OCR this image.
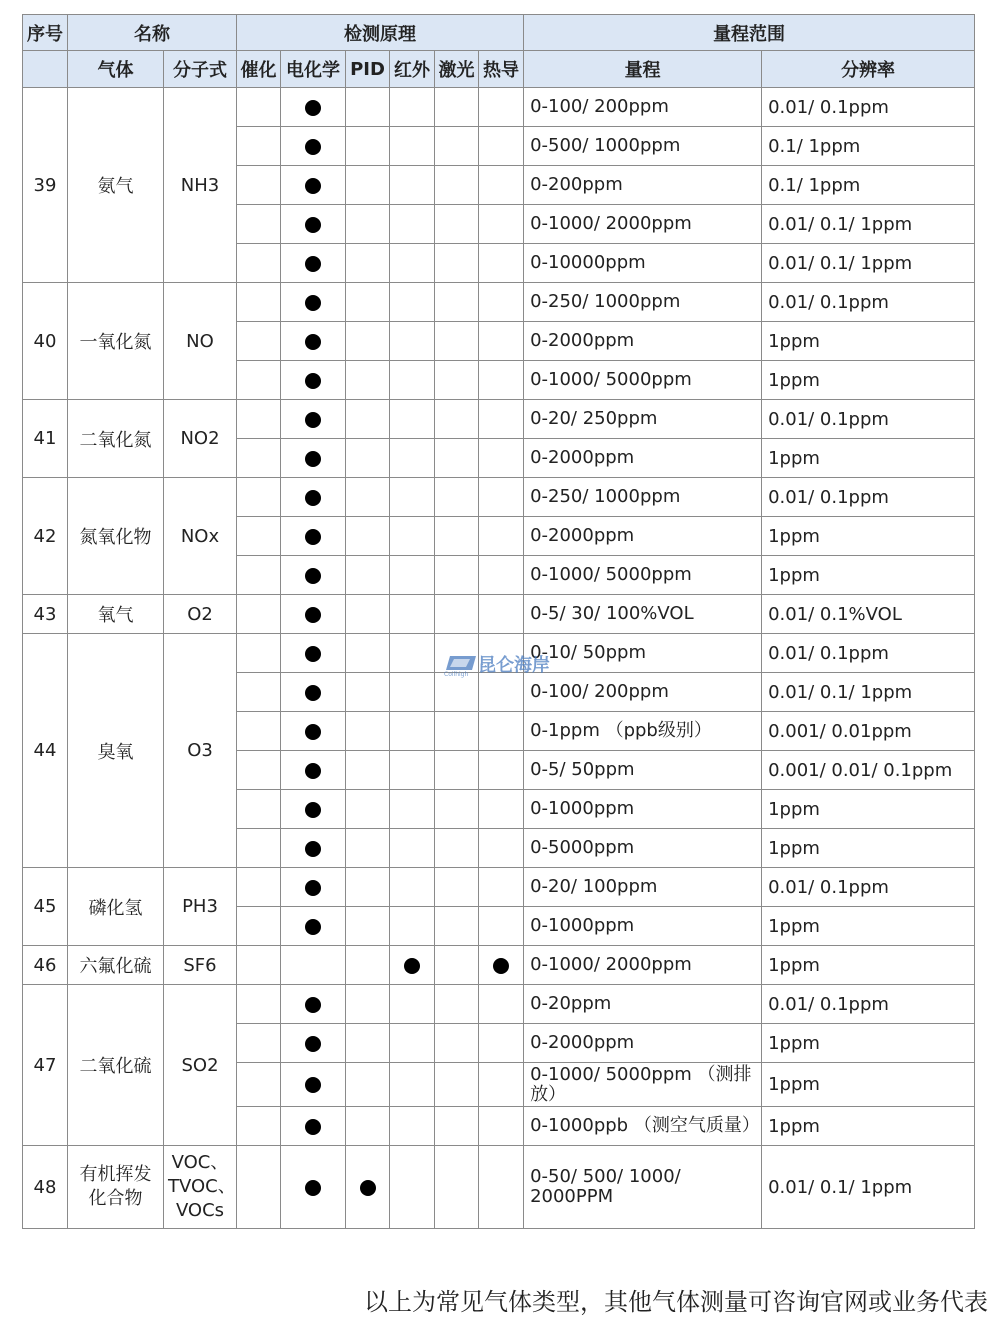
序号	名称		检测原理						量程范围	
	气体	分子式	催化	电化学	PID	红外	激光	热导	量程	分辨率
39	氨气	NH3							0-100/ 200ppm	0.01/ 0.1ppm
									0-500/ 1000ppm	0.1/ 1ppm
									0-200ppm	0.1/ 1ppm
									0-1000/ 2000ppm	0.01/ 0.1/ 1ppm
									0-10000ppm	0.01/ 0.1/ 1ppm
40	一氧化氮	NO							0-250/ 1000ppm	0.01/ 0.1ppm
									0-2000ppm	1ppm
									0-1000/ 5000ppm	1ppm
41	二氧化氮	NO2							0-20/ 250ppm	0.01/ 0.1ppm
									0-2000ppm	1ppm
42	氮氧化物	NOx							0-250/ 1000ppm	0.01/ 0.1ppm
									0-2000ppm	1ppm
									0-1000/ 5000ppm	1ppm
43	氧气	O2							0-5/ 30/ 100%VOL	0.01/ 0.1%VOL
44	臭氧	O3							0-10/ 50ppm	0.01/ 0.1ppm
									0-100/ 200ppm	0.01/ 0.1/ 1ppm
									0-1ppm （ppb级别）	0.001/ 0.01ppm
									0-5/ 50ppm	0.001/ 0.01/ 0.1ppm
									0-1000ppm	1ppm
									0-5000ppm	1ppm
45	磷化氢	PH3							0-20/ 100ppm	0.01/ 0.1ppm
									0-1000ppm	1ppm
46	六氟化硫	SF6							0-1000/ 2000ppm	1ppm
47	二氧化硫	SO2							0-20ppm	0.01/ 0.1ppm
									0-2000ppm	1ppm
									0-1000/ 5000ppm （测排放）	1ppm
									0-1000ppb （测空气质量）	1ppm
48	有机挥发化合物	VOC、TVOC、VOCs							0-50/ 500/ 1000/ 2000PPM	0.01/ 0.1/ 1ppm
昆仑海岸
Coilhigh
以上为常见气体类型，其他气体测量可咨询官网或业务代表
